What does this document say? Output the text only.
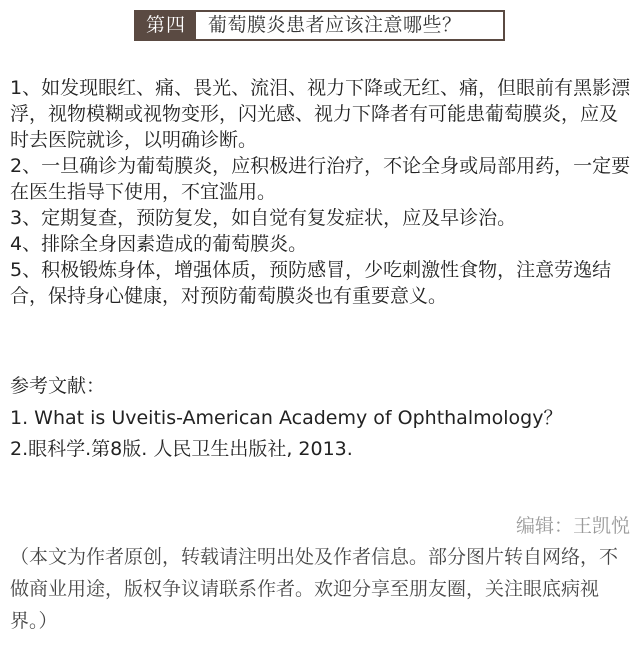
第四	葡萄膜炎患者应该注意哪些？
1、如发现眼红、痛、畏光、流泪、视力下降或无红、痛，但眼前有黑影漂浮，视物模糊或视物变形，闪光感、视力下降者有可能患葡萄膜炎，应及时去医院就诊，以明确诊断。
2、一旦确诊为葡萄膜炎，应积极进行治疗，不论全身或局部用药，一定要在医生指导下使用，不宜滥用。
3、定期复查，预防复发，如自觉有复发症状，应及早诊治。
4、排除全身因素造成的葡萄膜炎。
5、积极锻炼身体，增强体质，预防感冒，少吃刺激性食物，注意劳逸结合，保持身心健康，对预防葡萄膜炎也有重要意义。
参考文献：
1. What is Uveitis-American Academy of Ophthalmology？
2.眼科学.第8版. 人民卫生出版社, 2013.
编辑：王凯悦

（本文为作者原创，转载请注明出处及作者信息。部分图片转自网络，不做商业用途，版权争议请联系作者。欢迎分享至朋友圈，关注眼底病视界。）
